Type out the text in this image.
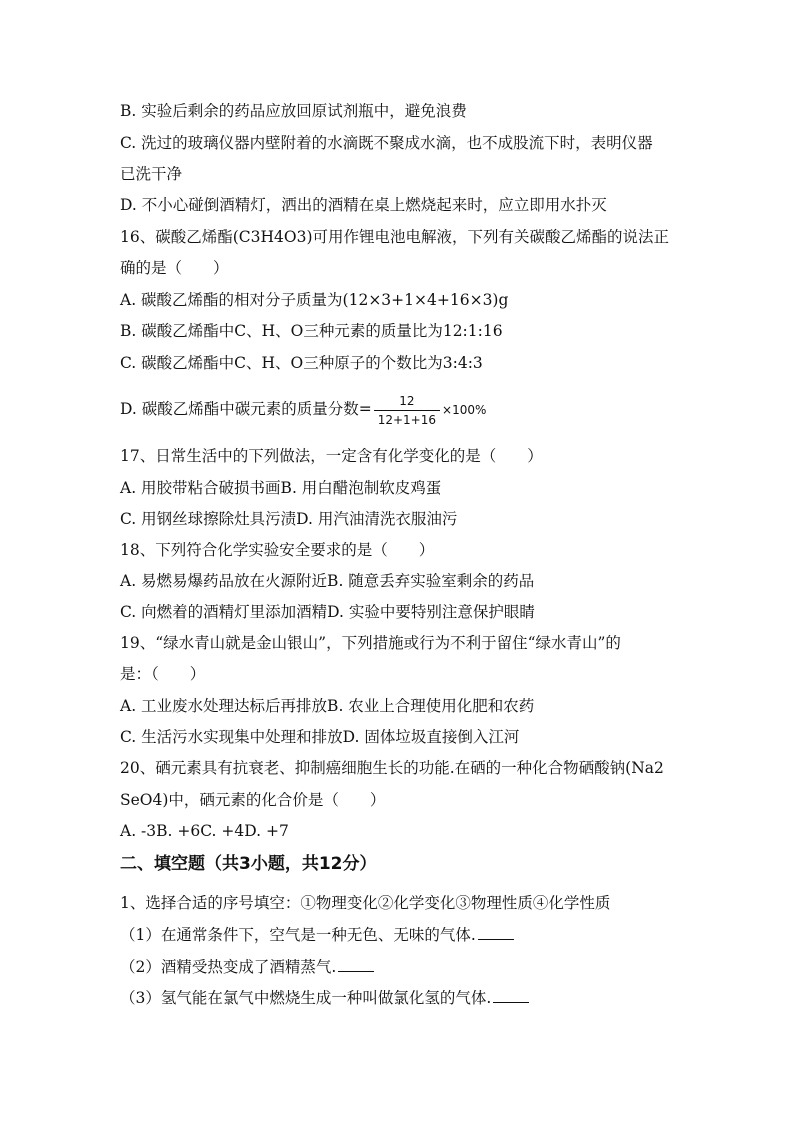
B. 实验后剩余的药品应放回原试剂瓶中，避免浪费
C. 洗过的玻璃仪器内壁附着的水滴既不聚成水滴，也不成股流下时，表明仪器
已洗干净
D. 不小心碰倒酒精灯，洒出的酒精在桌上燃烧起来时，应立即用水扑灭
16、碳酸乙烯酯(C3H4O3)可用作锂电池电解液，下列有关碳酸乙烯酯的说法正
确的是（　　）
A. 碳酸乙烯酯的相对分子质量为(12×3+1×4+16×3)g
B. 碳酸乙烯酯中C、H、O三种元素的质量比为12:1:16
C. 碳酸乙烯酯中C、H、O三种原子的个数比为3:4:3
D. 碳酸乙烯酯中碳元素的质量分数= $\frac{12}{12+1+16} \times 100\%$
17、日常生活中的下列做法，一定含有化学变化的是（　　）
A. 用胶带粘合破损书画B. 用白醋泡制软皮鸡蛋
C. 用钢丝球擦除灶具污渍D. 用汽油清洗衣服油污
18、下列符合化学实验安全要求的是（　　）
A. 易燃易爆药品放在火源附近B. 随意丢弃实验室剩余的药品
C. 向燃着的酒精灯里添加酒精D. 实验中要特别注意保护眼睛
19、“绿水青山就是金山银山”，下列措施或行为不利于留住“绿水青山”的
是：（　　）
A. 工业废水处理达标后再排放B. 农业上合理使用化肥和农药
C. 生活污水实现集中处理和排放D. 固体垃圾直接倒入江河
20、硒元素具有抗衰老、抑制癌细胞生长的功能.在硒的一种化合物硒酸钠(Na2
SeO4)中，硒元素的化合价是（　　）
A. -3B. +6C. +4D. +7
二、填空题（共3小题，共12分）
1、选择合适的序号填空：①物理变化②化学变化③物理性质④化学性质
（1）在通常条件下，空气是一种无色、无味的气体.
（2）酒精受热变成了酒精蒸气.
（3）氢气能在氯气中燃烧生成一种叫做氯化氢的气体.
